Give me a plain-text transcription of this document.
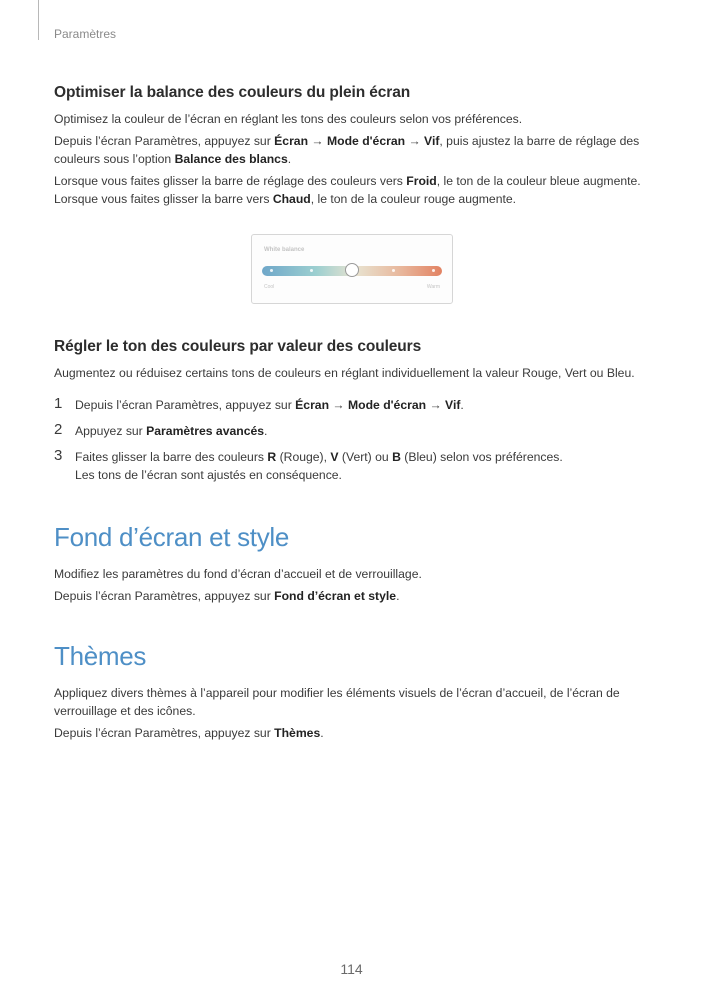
Paramètres
Optimiser la balance des couleurs du plein écran

Optimisez la couleur de l’écran en réglant les tons des couleurs selon vos préférences.

Depuis l’écran Paramètres, appuyez sur Écran → Mode d'écran → Vif, puis ajustez la barre de réglage des couleurs sous l’option Balance des blancs.

Lorsque vous faites glisser la barre de réglage des couleurs vers Froid, le ton de la couleur bleue augmente. Lorsque vous faites glisser la barre vers Chaud, le ton de la couleur rouge augmente.

White balance
Cool	Warm
Régler le ton des couleurs par valeur des couleurs

Augmentez ou réduisez certains tons de couleurs en réglant individuellement la valeur Rouge, Vert ou Bleu.

1 Depuis l’écran Paramètres, appuyez sur Écran → Mode d'écran → Vif.
2 Appuyez sur Paramètres avancés.
3 Faites glisser la barre des couleurs R (Rouge), V (Vert) ou B (Bleu) selon vos préférences.
Les tons de l’écran sont ajustés en conséquence.
Fond d’écran et style

Modifiez les paramètres du fond d’écran d’accueil et de verrouillage.

Depuis l’écran Paramètres, appuyez sur Fond d’écran et style.

Thèmes

Appliquez divers thèmes à l’appareil pour modifier les éléments visuels de l’écran d’accueil, de l’écran de verrouillage et des icônes.

Depuis l’écran Paramètres, appuyez sur Thèmes.

114
